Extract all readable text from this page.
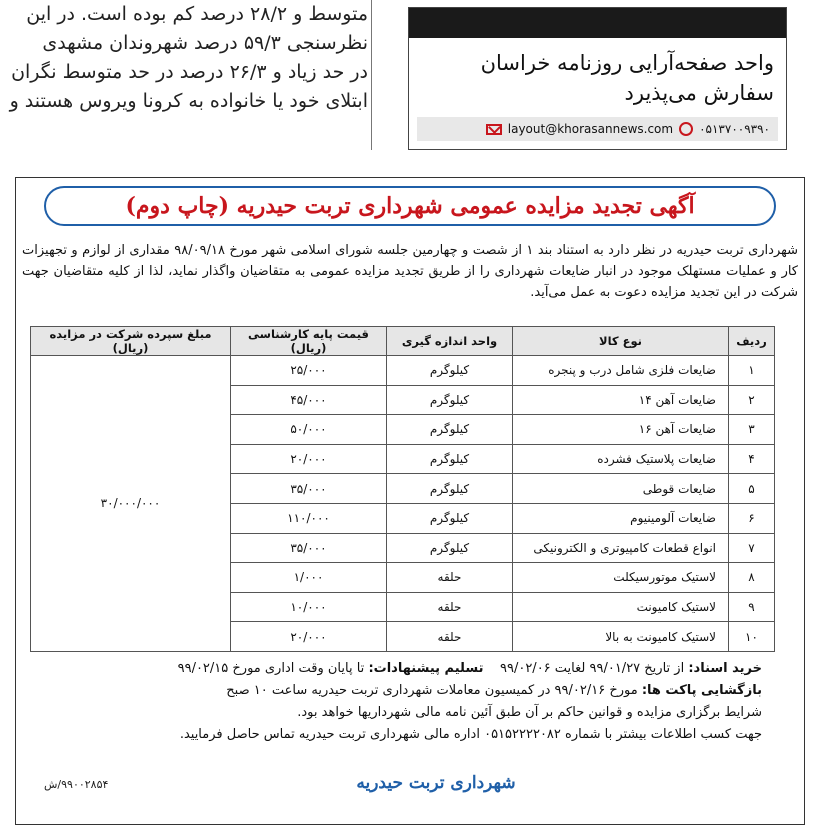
متوسط و ۲۸/۲ درصد کم بوده است. در این
نظرسنجی ۵۹/۳ درصد شهروندان مشهدی
در حد زیاد و ۲۶/۳ درصد در حد متوسط نگران
ابتلای خود یا خانواده به کرونا ویروس هستند و
واحد صفحه‌آرایی روزنامه خراسان
سفارش می‌پذیرد
layout@khorasannews.com ۰۵۱۳۷۰۰۹۳۹۰
آگهی تجدید مزایده عمومی شهرداری تربت حیدریه (چاپ دوم)
شهرداری تربت حیدریه در نظر دارد به استناد بند ۱ از شصت و چهارمین جلسه شورای اسلامی شهر مورخ ۹۸/۰۹/۱۸ مقداری از لوازم و تجهیزات کار و عملیات مستهلک موجود در انبار ضایعات شهرداری را از طریق تجدید مزایده عمومی به متقاضیان واگذار نماید، لذا از کلیه متقاضیان جهت شرکت در این تجدید مزایده دعوت به عمل می‌آید.
ردیف	نوع کالا	واحد اندازه گیری	قیمت پایه کارشناسی (ریال)	مبلغ سپرده شرکت در مزایده (ریال)
۱	ضایعات فلزی شامل درب و پنجره	کیلوگرم	۲۵/۰۰۰	۳۰/۰۰۰/۰۰۰
۲	ضایعات آهن ۱۴	کیلوگرم	۴۵/۰۰۰	
۳	ضایعات آهن ۱۶	کیلوگرم	۵۰/۰۰۰	
۴	ضایعات پلاستیک فشرده	کیلوگرم	۲۰/۰۰۰	
۵	ضایعات قوطی	کیلوگرم	۳۵/۰۰۰	
۶	ضایعات آلومینیوم	کیلوگرم	۱۱۰/۰۰۰	
۷	انواع قطعات کامپیوتری و الکترونیکی	کیلوگرم	۳۵/۰۰۰	
۸	لاستیک موتورسیکلت	حلقه	۱/۰۰۰	
۹	لاستیک کامیونت	حلقه	۱۰/۰۰۰	
۱۰	لاستیک کامیونت به بالا	حلقه	۲۰/۰۰۰	
خرید اسناد: از تاریخ ۹۹/۰۱/۲۷ لغایت ۹۹/۰۲/۰۶    تسلیم پیشنهادات: تا پایان وقت اداری مورخ ۹۹/۰۲/۱۵
بازگشایی پاکت ها: مورخ ۹۹/۰۲/۱۶ در کمیسیون معاملات شهرداری تربت حیدریه ساعت ۱۰ صبح
شرایط برگزاری مزایده و قوانین حاکم بر آن طبق آئین نامه مالی شهرداریها خواهد بود.
جهت کسب اطلاعات بیشتر با شماره ۰۵۱۵۲۲۲۲۰۸۲ اداره مالی شهرداری تربت حیدریه تماس حاصل فرمایید.
شهرداری تربت حیدریه
۹۹۰۰۲۸۵۴/ش
